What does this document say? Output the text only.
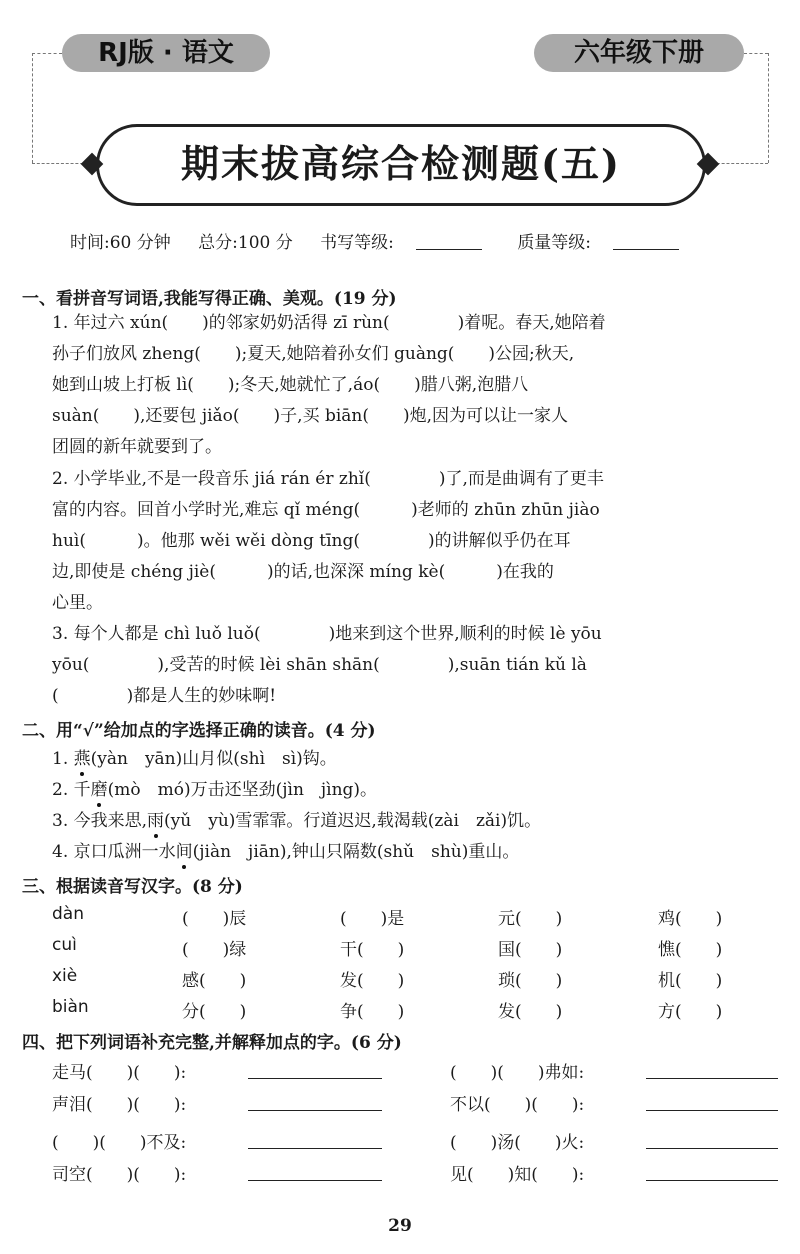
RJ版 · 语文	六年级下册
期末拔高综合检测题(五)
时间:60 分钟 总分:100 分 书写等级:	质量等级:
一、看拼音写词语,我能写得正确、美观。(19 分)
1. 年过六 xún(　　)的邻家奶奶活得 zī rùn(　　　　)着呢。春天,她陪着
孙子们放风 zheng(　　);夏天,她陪着孙女们 guàng(　　)公园;秋天,
她到山坡上打板 lì(　　);冬天,她就忙了,áo(　　)腊八粥,泡腊八
suàn(　　),还要包 jiǎo(　　)子,买 biān(　　)炮,因为可以让一家人
团圆的新年就要到了。
2. 小学毕业,不是一段音乐 jiá rán ér zhǐ(　　　　)了,而是曲调有了更丰
富的内容。回首小学时光,难忘 qǐ méng(　　　)老师的 zhūn zhūn jiào
huì(　　　)。他那 wěi wěi dòng tīng(　　　　)的讲解似乎仍在耳
边,即使是 chéng jiè(　　　)的话,也深深 míng kè(　　　)在我的
心里。
3. 每个人都是 chì luǒ luǒ(　　　　)地来到这个世界,顺利的时候 lè yōu
yōu(　　　　),受苦的时候 lèi shān shān(　　　　),suān tián kǔ là
(　　　　)都是人生的妙味啊!
二、用“√”给加点的字选择正确的读音。(4 分)
1. 燕(yàn　yān)山月似(shì　sì)钩。
2. 千磨(mò　mó)万击还坚劲(jìn　jìng)。
3. 今我来思,雨(yǔ　yù)雪霏霏。行道迟迟,载渴载(zài　zǎi)饥。
4. 京口瓜洲一水间(jiàn　jiān),钟山只隔数(shǔ　shù)重山。
三、根据读音写汉字。(8 分)
dàn	(　　)辰	(　　)是	元(　　)	鸡(　　)
cuì	(　　)绿	干(　　)	国(　　)	憔(　　)
xiè	感(　　)	发(　　)	琐(　　)	机(　　)
biàn	分(　　)	争(　　)	发(　　)	方(　　)
四、把下列词语补充完整,并解释加点的字。(6 分)
走马(　　)(　　):	(　　)(　　)弗如:
声泪(　　)(　　):	不以(　　)(　　):
(　　)(　　)不及:	(　　)汤(　　)火:
司空(　　)(　　):	见(　　)知(　　):
29
